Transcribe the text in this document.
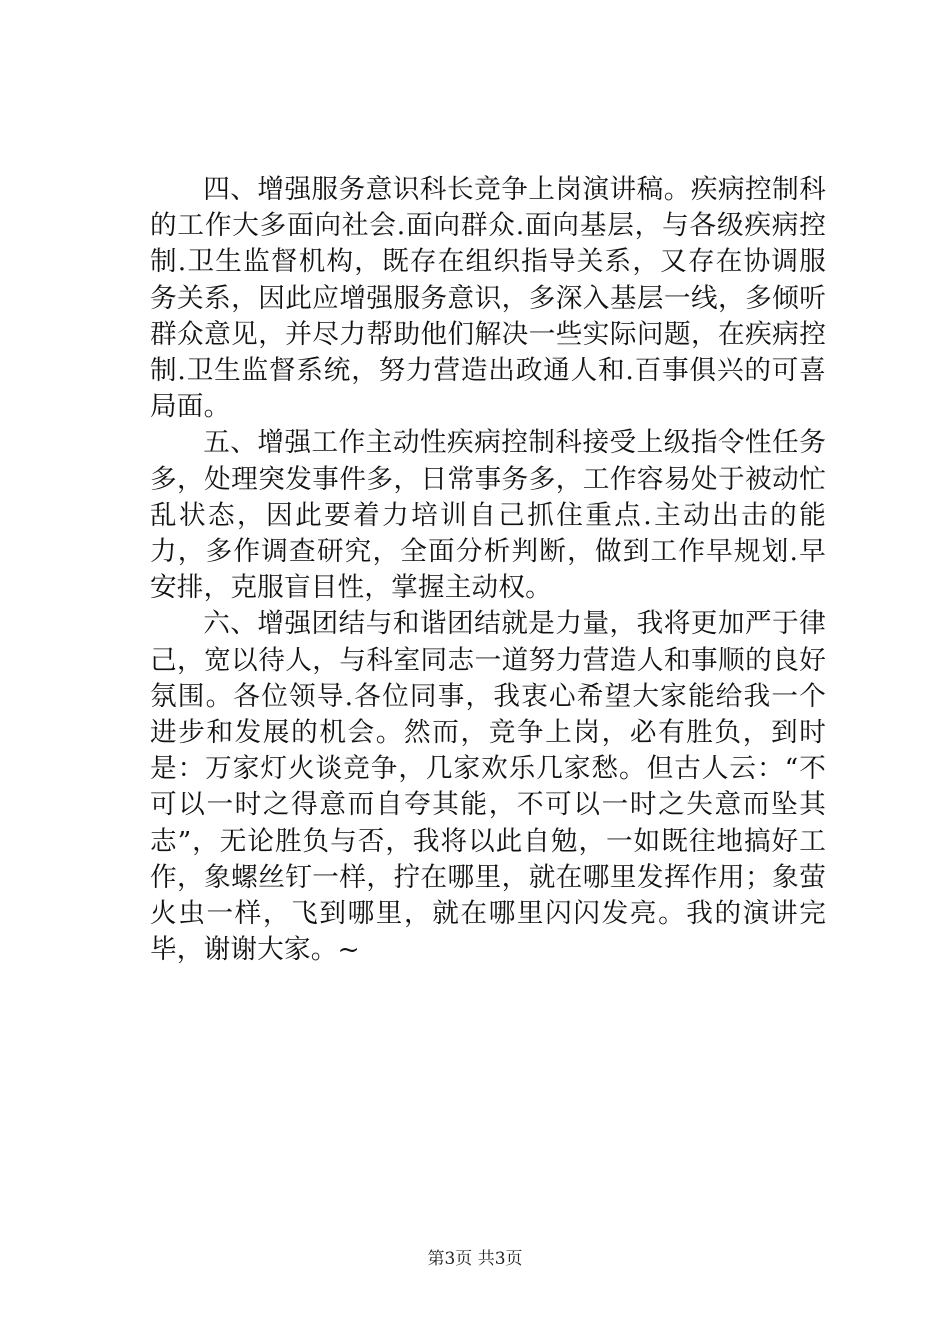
四、增强服务意识科长竞争上岗演讲稿。疾病控制科的工作大多面向社会.面向群众.面向基层，与各级疾病控制.卫生监督机构，既存在组织指导关系，又存在协调服务关系，因此应增强服务意识，多深入基层一线，多倾听群众意见，并尽力帮助他们解决一些实际问题，在疾病控制.卫生监督系统，努力营造出政通人和.百事俱兴的可喜局面。

五、增强工作主动性疾病控制科接受上级指令性任务多，处理突发事件多，日常事务多，工作容易处于被动忙乱状态，因此要着力培训自己抓住重点.主动出击的能力，多作调查研究，全面分析判断，做到工作早规划.早安排，克服盲目性，掌握主动权。

六、增强团结与和谐团结就是力量，我将更加严于律己，宽以待人，与科室同志一道努力营造人和事顺的良好氛围。各位领导.各位同事，我衷心希望大家能给我一个进步和发展的机会。然而，竞争上岗，必有胜负，到时是：万家灯火谈竞争，几家欢乐几家愁。但古人云：“不可以一时之得意而自夸其能，不可以一时之失意而坠其志”，无论胜负与否，我将以此自勉，一如既往地搞好工作，象螺丝钉一样，拧在哪里，就在哪里发挥作用；象萤火虫一样，飞到哪里，就在哪里闪闪发亮。我的演讲完毕，谢谢大家。~

第3页 共3页
